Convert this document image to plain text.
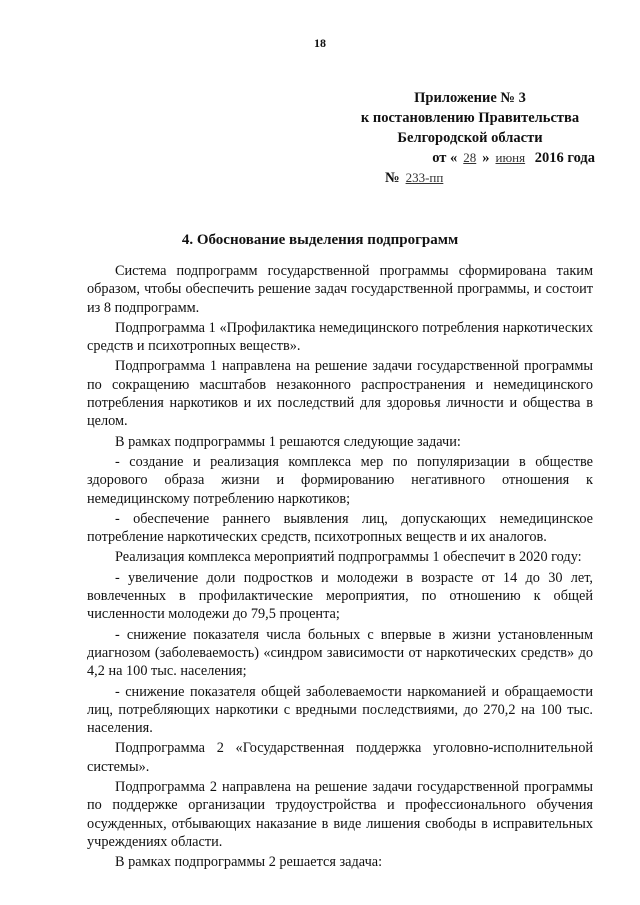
18
Приложение № 3
к постановлению Правительства
Белгородской области
от « 28 » июня 2016 года
№ 233-пп
4. Обоснование выделения подпрограмм

Система подпрограмм государственной программы сформирована таким образом, чтобы обеспечить решение задач государственной программы, и состоит из 8 подпрограмм.

Подпрограмма 1 «Профилактика немедицинского потребления наркотических средств и психотропных веществ».

Подпрограмма 1 направлена на решение задачи государственной программы по сокращению масштабов незаконного распространения и немедицинского потребления наркотиков и их последствий для здоровья личности и общества в целом.

В рамках подпрограммы 1 решаются следующие задачи:

- создание и реализация комплекса мер по популяризации в обществе здорового образа жизни и формированию негативного отношения к немедицинскому потреблению наркотиков;

- обеспечение раннего выявления лиц, допускающих немедицинское потребление наркотических средств, психотропных веществ и их аналогов.

Реализация комплекса мероприятий подпрограммы 1 обеспечит в 2020 году:

- увеличение доли подростков и молодежи в возрасте от 14 до 30 лет, вовлеченных в профилактические мероприятия, по отношению к общей численности молодежи до 79,5 процента;

- снижение показателя числа больных с впервые в жизни установленным диагнозом (заболеваемость) «синдром зависимости от наркотических средств» до 4,2 на 100 тыс. населения;

- снижение показателя общей заболеваемости наркоманией и обращаемости лиц, потребляющих наркотики с вредными последствиями, до 270,2 на 100 тыс. населения.

Подпрограмма 2 «Государственная поддержка уголовно-исполнительной системы».

Подпрограмма 2 направлена на решение задачи государственной программы по поддержке организации трудоустройства и профессионального обучения осужденных, отбывающих наказание в виде лишения свободы в исправительных учреждениях области.

В рамках подпрограммы 2 решается задача:
